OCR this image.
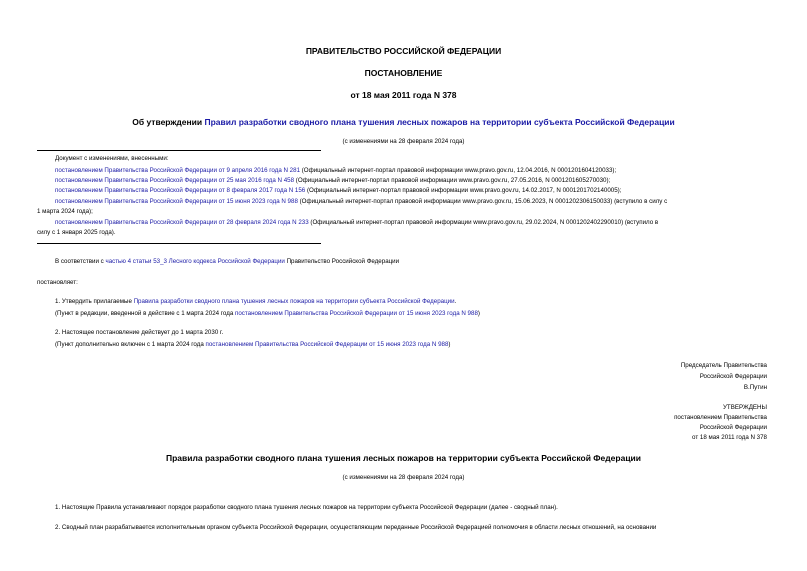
ПРАВИТЕЛЬСТВО РОССИЙСКОЙ ФЕДЕРАЦИИ
ПОСТАНОВЛЕНИЕ
от 18 мая 2011 года N 378
Об утверждении Правил разработки сводного плана тушения лесных пожаров на территории субъекта Российской Федерации
(с изменениями на 28 февраля 2024 года)
Документ с изменениями, внесенными:
постановлением Правительства Российской Федерации от 9 апреля 2016 года N 281 (Официальный интернет-портал правовой информации www.pravo.gov.ru, 12.04.2016, N 0001201604120033);
постановлением Правительства Российской Федерации от 25 мая 2016 года N 458 (Официальный интернет-портал правовой информации www.pravo.gov.ru, 27.05.2016, N 0001201605270030);
постановлением Правительства Российской Федерации от 8 февраля 2017 года N 156 (Официальный интернет-портал правовой информации www.pravo.gov.ru, 14.02.2017, N 0001201702140005);
постановлением Правительства Российской Федерации от 15 июня 2023 года N 988 (Официальный интернет-портал правовой информации www.pravo.gov.ru, 15.06.2023, N 0001202306150033) (вступило в силу с
1 марта 2024 года);
постановлением Правительства Российской Федерации от 28 февраля 2024 года N 233 (Официальный интернет-портал правовой информации www.pravo.gov.ru, 29.02.2024, N 0001202402290010) (вступило в
силу с 1 января 2025 года).
В соответствии с частью 4 статьи 53_3 Лесного кодекса Российской Федерации Правительство Российской Федерации
постановляет:
1. Утвердить прилагаемые Правила разработки сводного плана тушения лесных пожаров на территории субъекта Российской Федерации.
(Пункт в редакции, введенной в действие с 1 марта 2024 года постановлением Правительства Российской Федерации от 15 июня 2023 года N 988)
2. Настоящее постановление действует до 1 марта 2030 г.
(Пункт дополнительно включен с 1 марта 2024 года постановлением Правительства Российской Федерации от 15 июня 2023 года N 988)
Председатель Правительства
Российской Федерации
В.Путин
УТВЕРЖДЕНЫ
постановлением Правительства
Российской Федерации
от 18 мая 2011 года N 378
Правила разработки сводного плана тушения лесных пожаров на территории субъекта Российской Федерации
(с изменениями на 28 февраля 2024 года)
1. Настоящие Правила устанавливают порядок разработки сводного плана тушения лесных пожаров на территории субъекта Российской Федерации (далее - сводный план).
2. Сводный план разрабатывается исполнительным органом субъекта Российской Федерации, осуществляющим переданные Российской Федерацией полномочия в области лесных отношений, на основании
